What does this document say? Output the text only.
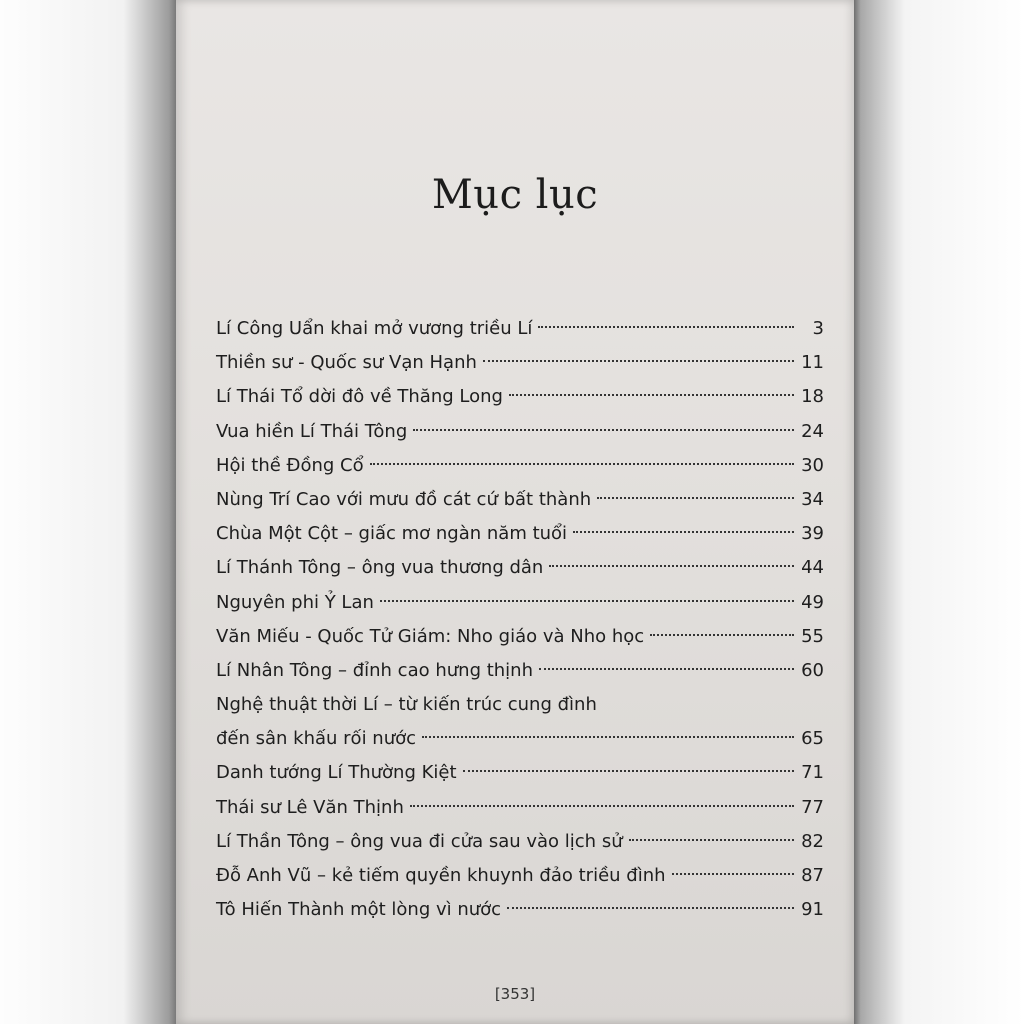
Mục lục
Lí Công Uẩn khai mở vương triều Lí	3
Thiền sư - Quốc sư Vạn Hạnh	11
Lí Thái Tổ dời đô về Thăng Long	18
Vua hiền Lí Thái Tông	24
Hội thề Đồng Cổ	30
Nùng Trí Cao với mưu đồ cát cứ bất thành	34
Chùa Một Cột – giấc mơ ngàn năm tuổi	39
Lí Thánh Tông – ông vua thương dân	44
Nguyên phi Ỷ Lan	49
Văn Miếu - Quốc Tử Giám: Nho giáo và Nho học	55
Lí Nhân Tông – đỉnh cao hưng thịnh	60
Nghệ thuật thời Lí – từ kiến trúc cung đình
đến sân khấu rối nước	65
Danh tướng Lí Thường Kiệt	71
Thái sư Lê Văn Thịnh	77
Lí Thần Tông – ông vua đi cửa sau vào lịch sử	82
Đỗ Anh Vũ – kẻ tiếm quyền khuynh đảo triều đình	87
Tô Hiến Thành một lòng vì nước	91
[353]
